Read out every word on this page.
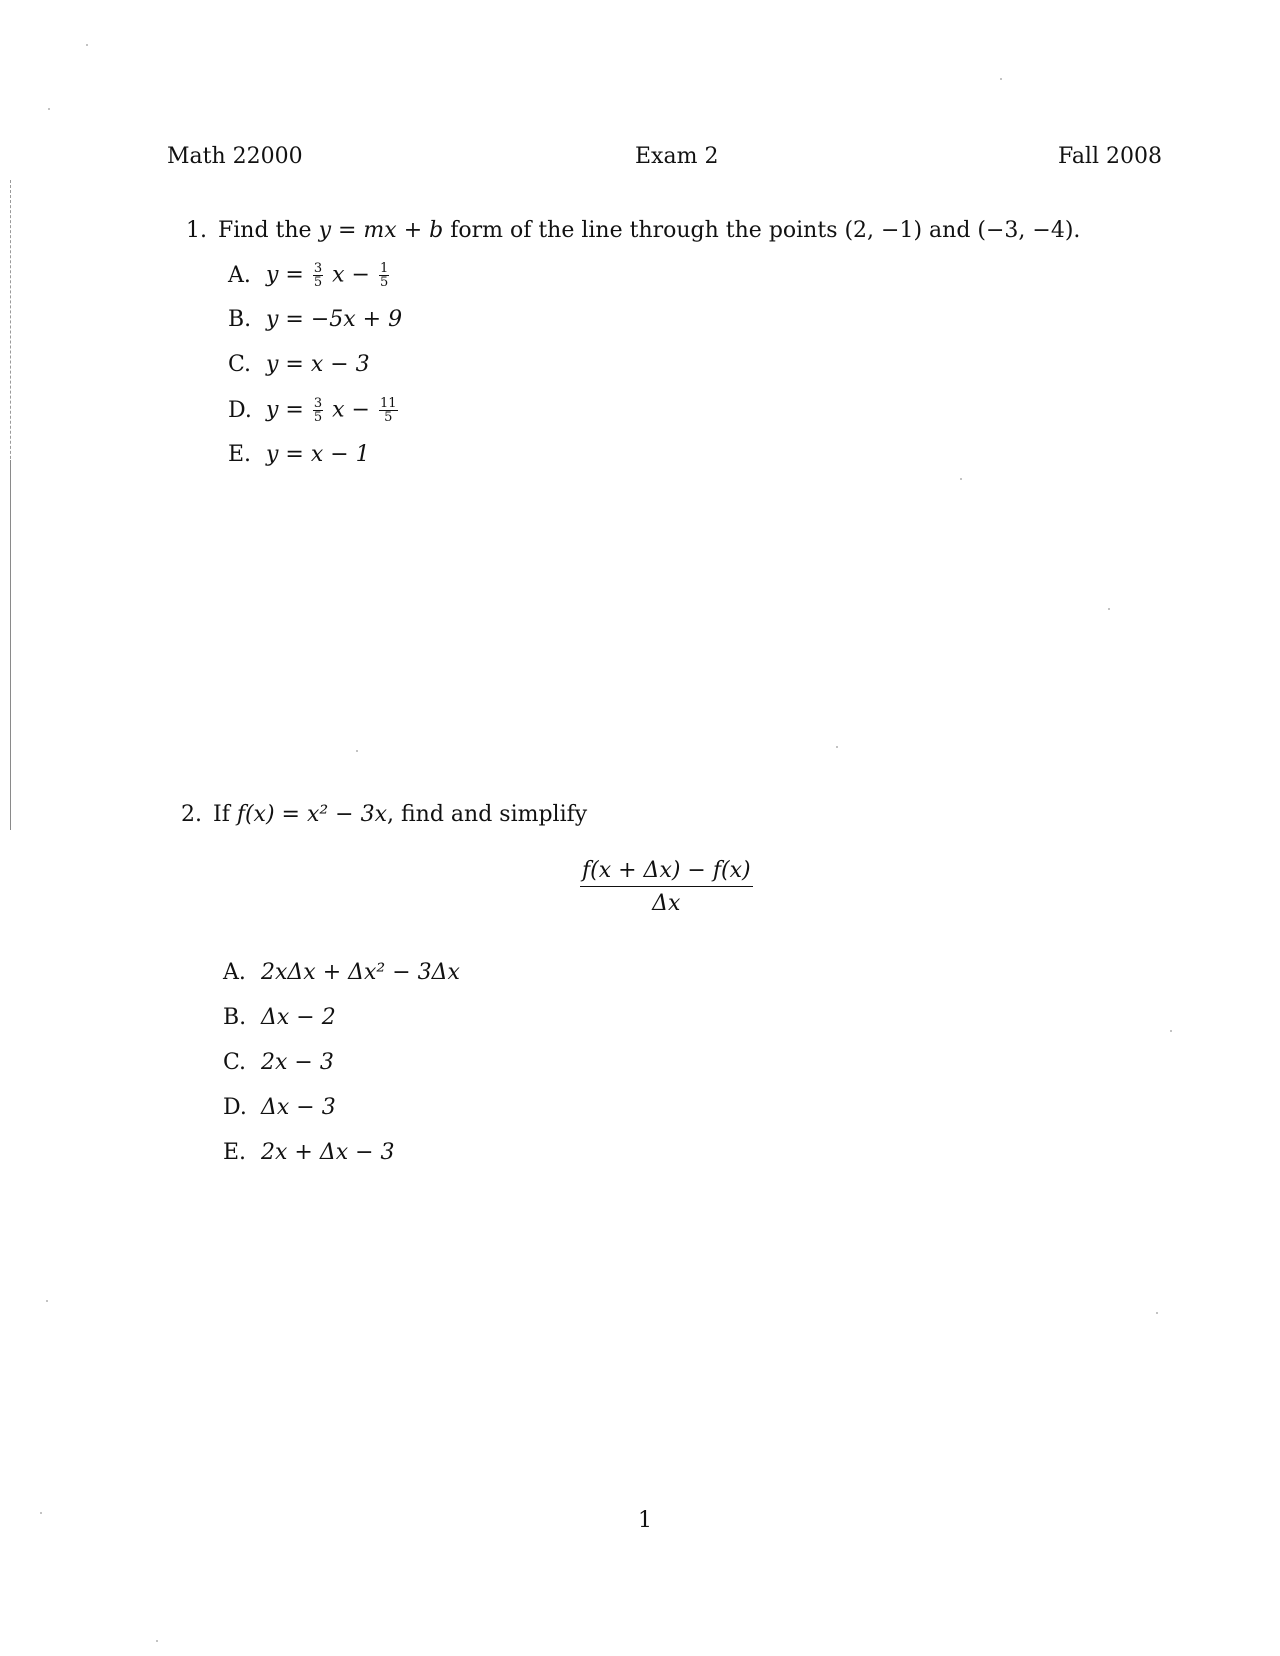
Math 22000	Exam 2	Fall 2008
1. Find the y = mx + b form of the line through the points (2, −1) and (−3, −4).
A. $y = \frac{3}{5}$ $x - \frac{1}{5}$
B. y = −5x + 9
C. y = x − 3
D. $y = \frac{3}{5}$ $x - \frac{11}{5}$
E. y = x − 1
2. If f(x) = x² − 3x, find and simplify
$\frac{f(x + \Delta x) - f(x)}{\Delta x}$
A. 2xΔx + Δx² − 3Δx
B. Δx − 2
C. 2x − 3
D. Δx − 3
E. 2x + Δx − 3
1
